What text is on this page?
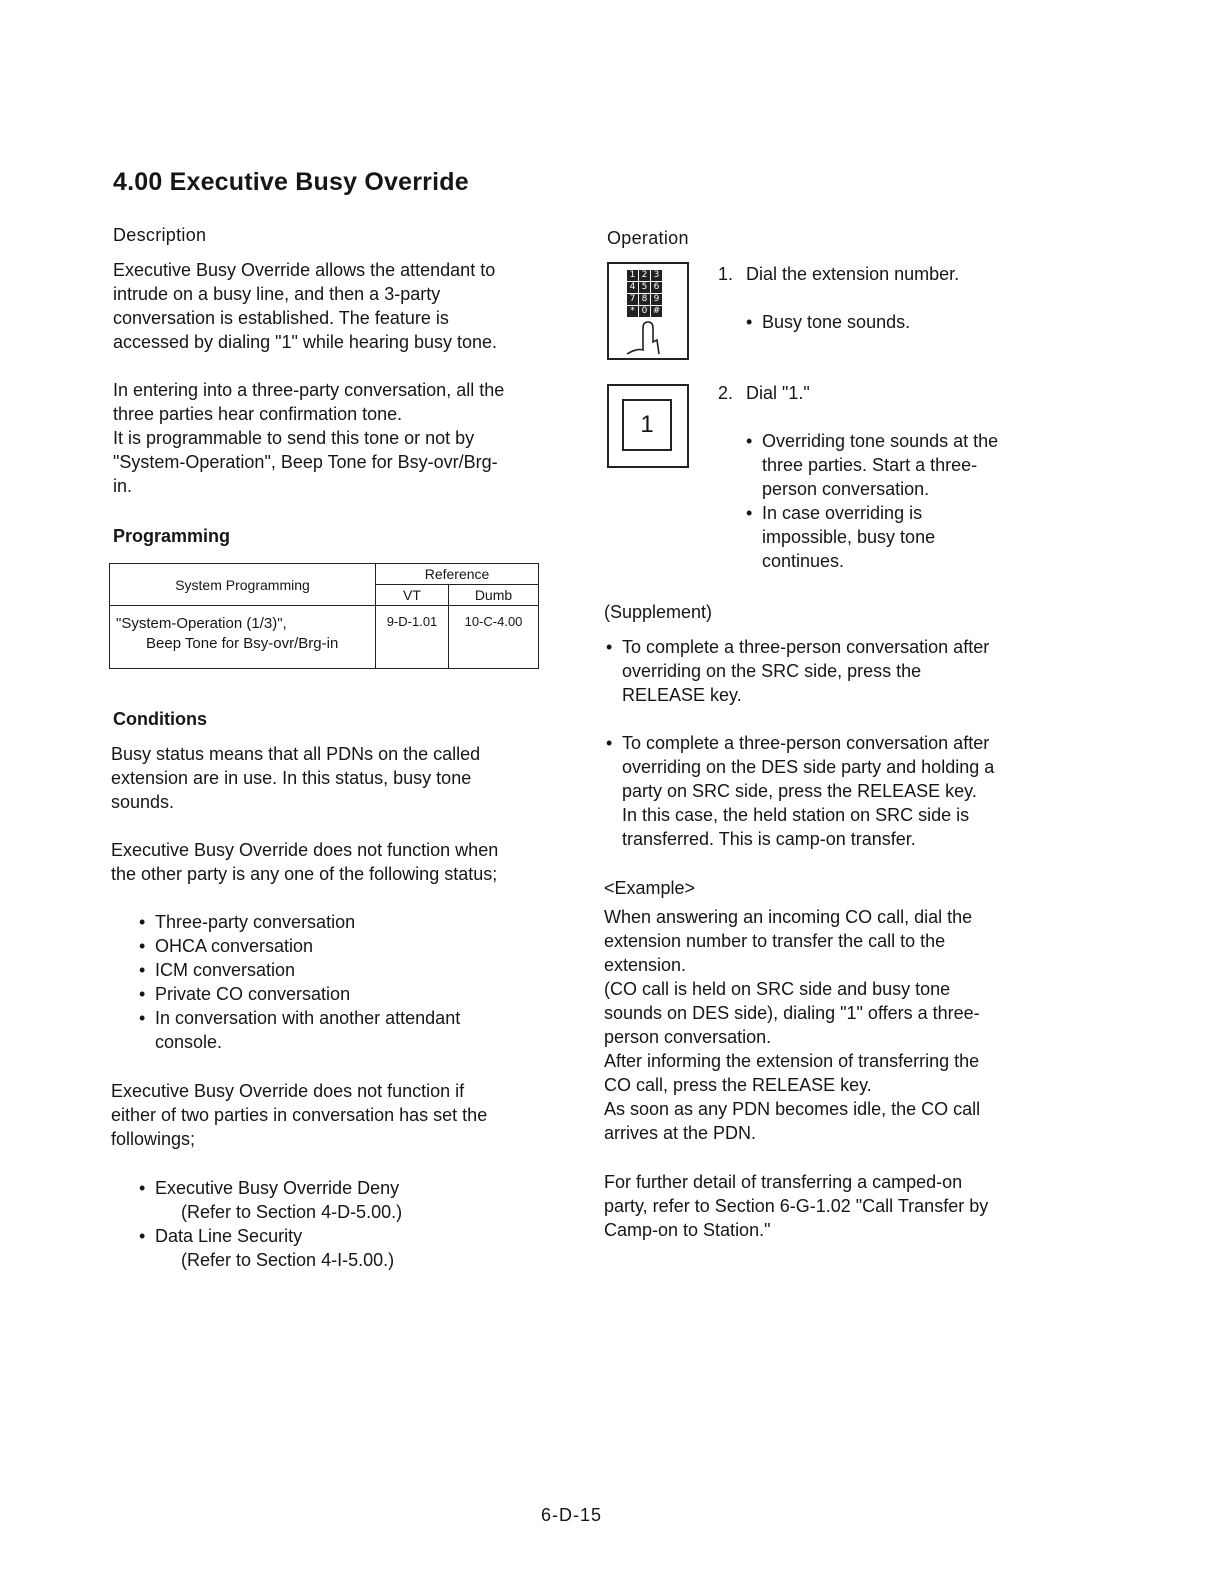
4.00 Executive Busy Override
Description

Executive Busy Override allows the attendant to

intrude on a busy line, and then a 3-party

conversation is established. The feature is

accessed by dialing "1" while hearing busy tone.

In entering into a three-party conversation, all the

three parties hear confirmation tone.

It is programmable to send this tone or not by

"System-Operation", Beep Tone for Bsy-ovr/Brg-

in.

Programming
System Programming	Reference	
	VT	Dumb

"System-Operation (1/3)",
Beep Tone for Bsy-ovr/Brg-in	9-D-1.01	10-C-4.00
Conditions

Busy status means that all PDNs on the called

extension are in use. In this status, busy tone

sounds.

Executive Busy Override does not function when

the other party is any one of the following status;

• Three-party conversation
• OHCA conversation
• ICM conversation
• Private CO conversation
• In conversation with another attendant
console.

Executive Busy Override does not function if

either of two parties in conversation has set the

followings;

• Executive Busy Override Deny
(Refer to Section 4-D-5.00.)
• Data Line Security
(Refer to Section 4-I-5.00.)
Operation
1 2 3
4 5 6
7 8 9
* 0 #
1. Dial the extension number.
• Busy tone sounds.
1
2. Dial "1."
• Overriding tone sounds at the
three parties. Start a three-
person conversation.
• In case overriding is
impossible, busy tone
continues.

(Supplement)

• To complete a three-person conversation after
overriding on the SRC side, press the
RELEASE key.
• To complete a three-person conversation after
overriding on the DES side party and holding a
party on SRC side, press the RELEASE key.
In this case, the held station on SRC side is
transferred. This is camp-on transfer.

<Example>

When answering an incoming CO call, dial the

extension number to transfer the call to the

extension.

(CO call is held on SRC side and busy tone

sounds on DES side), dialing "1" offers a three-

person conversation.

After informing the extension of transferring the

CO call, press the RELEASE key.

As soon as any PDN becomes idle, the CO call

arrives at the PDN.

For further detail of transferring a camped-on

party, refer to Section 6-G-1.02 "Call Transfer by

Camp-on to Station."

6-D-15
